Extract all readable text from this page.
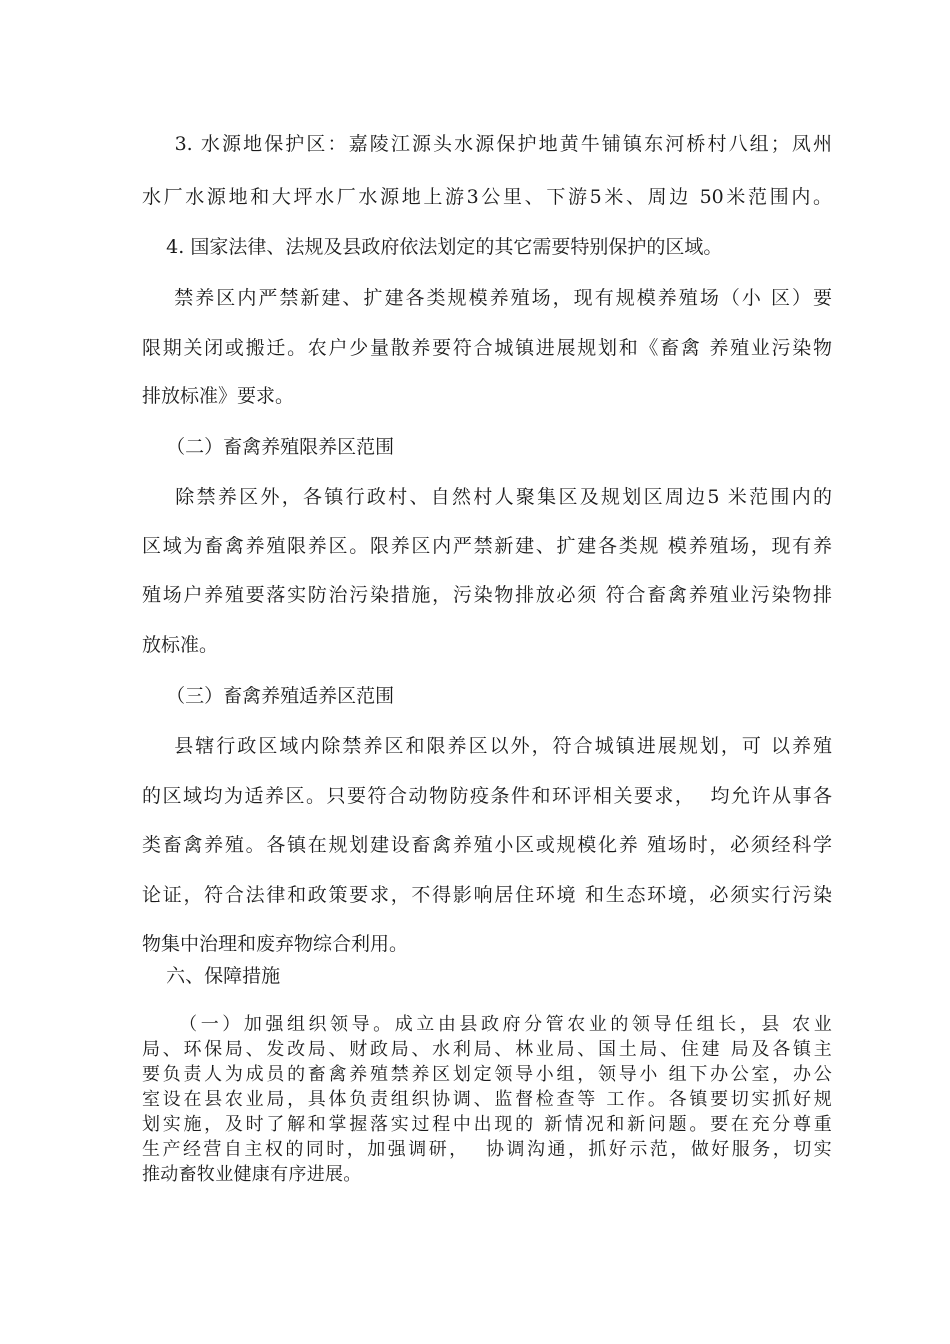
3. 水源地保护区：嘉陵江源头水源保护地黄牛铺镇东河桥村八组；凤州
水厂水源地和大坪水厂水源地上游3公里、下游5米、周边 50米范围内。
4. 国家法律、法规及县政府依法划定的其它需要特别保护的区域。
禁养区内严禁新建、扩建各类规模养殖场，现有规模养殖场（小 区）要
限期关闭或搬迁。农户少量散养要符合城镇进展规划和《畜禽 养殖业污染物
排放标准》要求。
（二）畜禽养殖限养区范围
除禁养区外，各镇行政村、自然村人聚集区及规划区周边5 米范围内的
区域为畜禽养殖限养区。限养区内严禁新建、扩建各类规 模养殖场，现有养
殖场户养殖要落实防治污染措施，污染物排放必须 符合畜禽养殖业污染物排
放标准。
（三）畜禽养殖适养区范围
县辖行政区域内除禁养区和限养区以外，符合城镇进展规划，可 以养殖
的区域均为适养区。只要符合动物防疫条件和环评相关要求，  均允许从事各
类畜禽养殖。各镇在规划建设畜禽养殖小区或规模化养 殖场时，必须经科学
论证，符合法律和政策要求，不得影响居住环境 和生态环境，必须实行污染
物集中治理和废弃物综合利用。
六、保障措施
（一）加强组织领导。成立由县政府分管农业的领导任组长，县 农业
局、环保局、发改局、财政局、水利局、林业局、国土局、住建 局及各镇主
要负责人为成员的畜禽养殖禁养区划定领导小组，领导小 组下办公室，办公
室设在县农业局，具体负责组织协调、监督检查等 工作。各镇要切实抓好规
划实施，及时了解和掌握落实过程中出现的 新情况和新问题。要在充分尊重
生产经营自主权的同时，加强调研，  协调沟通，抓好示范，做好服务，切实
推动畜牧业健康有序进展。
